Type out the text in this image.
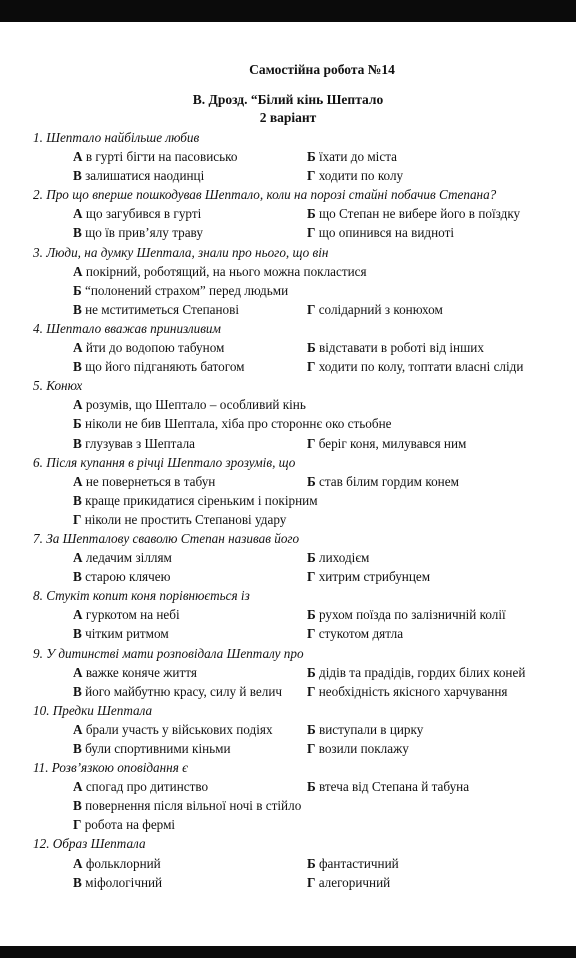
Самостійна робота №14
В. Дрозд. “Білий кінь Шептало
2 варіант
1. Шептало найбільше любив
А в гурті бігти на пасовисько	Б їхати до міста
В залишатися наодинці	Г ходити по колу
2. Про що вперше пошкодував Шептало, коли на порозі стайні побачив Степана?
А що загубився в гурті	Б що Степан не вибере його в поїздку
В що їв прив’ялу траву	Г що опинився на видноті
3. Люди, на думку Шептала, знали про нього, що він
А покірний, роботящий, на нього можна покластися
Б “полонений страхом” перед людьми
В не мститиметься Степанові	Г солідарний з конюхом
4. Шептало вважав принизливим
А йти до водопою табуном	Б відставати в роботі від інших
В що його підганяють батогом	Г ходити по колу, топтати власні сліди
5. Конюх
А розумів, що Шептало – особливий кінь
Б ніколи не бив Шептала, хіба про стороннє око стьобне
В глузував з Шептала	Г беріг коня, милувався ним
6. Після купання в річці Шептало зрозумів, що
А не повернеться в табун	Б став білим гордим конем
В краще прикидатися сіреньким і покірним
Г ніколи не простить Степанові удару
7. За Шепталовy сваволю Степан називав його
А ледачим зіллям	Б лиходієм
В старою клячею	Г хитрим стрибунцем
8. Стукіт копит коня порівнюється із
А гуркотом на небі	Б рухом поїзда по залізничній колії
В чітким ритмом	Г стукотом дятла
9. У дитинстві мати розповідала Шепталу про
А важке коняче життя	Б дідів та прадідів, гордих білих коней
В його майбутню красу, силу й велич Г необхідність якісного харчування
10. Предки Шептала
А брали участь у військових подіях	Б виступали в цирку
В були спортивними кіньми	Г возили поклажу
11. Розв’язкою оповідання є
А спогад про дитинство	Б втеча від Степана й табуна
В повернення після вільної ночі в стійло
Г робота на фермі
12. Образ Шептала
А фольклорний	Б фантастичний
В міфологічний	Г алегоричний
